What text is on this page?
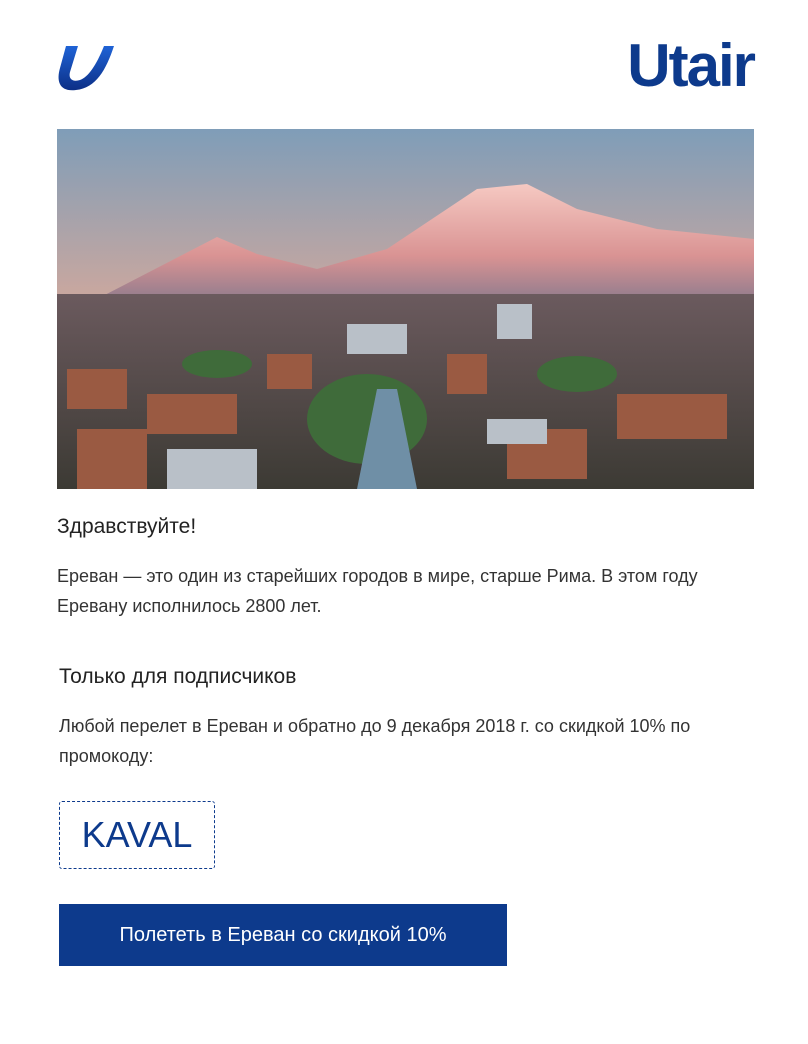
Utair

Здравствуйте!

Ереван — это один из старейших городов в мире, старше Рима. В этом году Еревану исполнилось 2800 лет.

Только для подписчиков

Любой перелет в Ереван и обратно до 9 декабря 2018 г. со скидкой 10% по промокоду:

KAVAL
Полететь в Ереван со скидкой 10%
